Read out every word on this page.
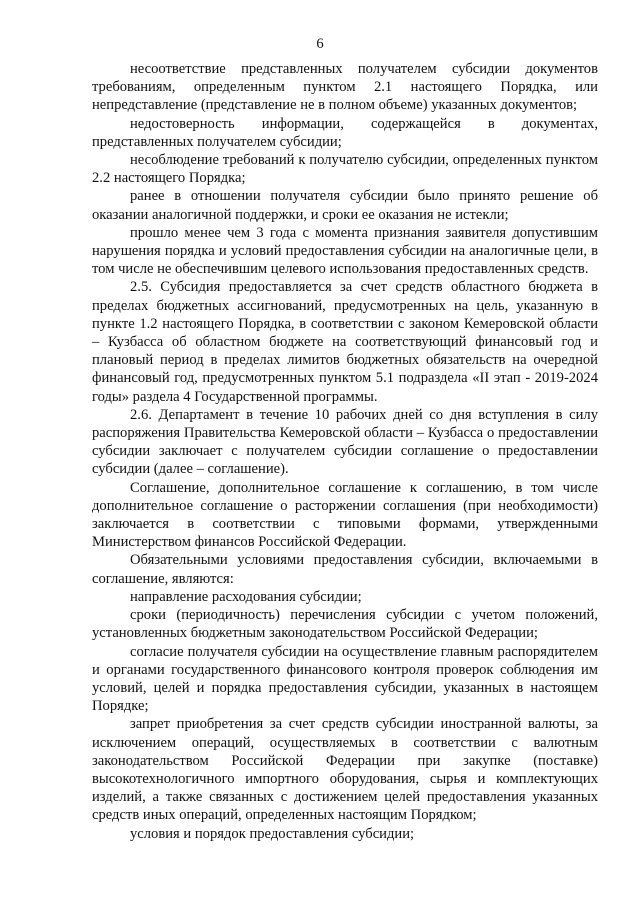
6

несоответствие представленных получателем субсидии документов требованиям, определенным пунктом 2.1 настоящего Порядка, или непредставление (представление не в полном объеме) указанных документов;

недостоверность информации, содержащейся в документах, представленных получателем субсидии;

несоблюдение требований к получателю субсидии, определенных пунктом 2.2 настоящего Порядка;

ранее в отношении получателя субсидии было принято решение об оказании аналогичной поддержки, и сроки ее оказания не истекли;

прошло менее чем 3 года с момента признания заявителя допустившим нарушения порядка и условий предоставления субсидии на аналогичные цели, в том числе не обеспечившим целевого использования предоставленных средств.

2.5. Субсидия предоставляется за счет средств областного бюджета в пределах бюджетных ассигнований, предусмотренных на цель, указанную в пункте 1.2 настоящего Порядка, в соответствии с законом Кемеровской области – Кузбасса об областном бюджете на соответствующий финансовый год и плановый период в пределах лимитов бюджетных обязательств на очередной финансовый год, предусмотренных пунктом 5.1 подраздела «II этап - 2019-2024 годы» раздела 4 Государственной программы.

2.6. Департамент в течение 10 рабочих дней со дня вступления в силу распоряжения Правительства Кемеровской области – Кузбасса о предоставлении субсидии заключает с получателем субсидии соглашение о предоставлении субсидии (далее – соглашение).

Соглашение, дополнительное соглашение к соглашению, в том числе дополнительное соглашение о расторжении соглашения (при необходимости) заключается в соответствии с типовыми формами, утвержденными Министерством финансов Российской Федерации.

Обязательными условиями предоставления субсидии, включаемыми в соглашение, являются:

направление расходования субсидии;

сроки (периодичность) перечисления субсидии с учетом положений, установленных бюджетным законодательством Российской Федерации;

согласие получателя субсидии на осуществление главным распорядителем и органами государственного финансового контроля проверок соблюдения им условий, целей и порядка предоставления субсидии, указанных в настоящем Порядке;

запрет приобретения за счет средств субсидии иностранной валюты, за исключением операций, осуществляемых в соответствии с валютным законодательством Российской Федерации при закупке (поставке) высокотехнологичного импортного оборудования, сырья и комплектующих изделий, а также связанных с достижением целей предоставления указанных средств иных операций, определенных настоящим Порядком;

условия и порядок предоставления субсидии;
